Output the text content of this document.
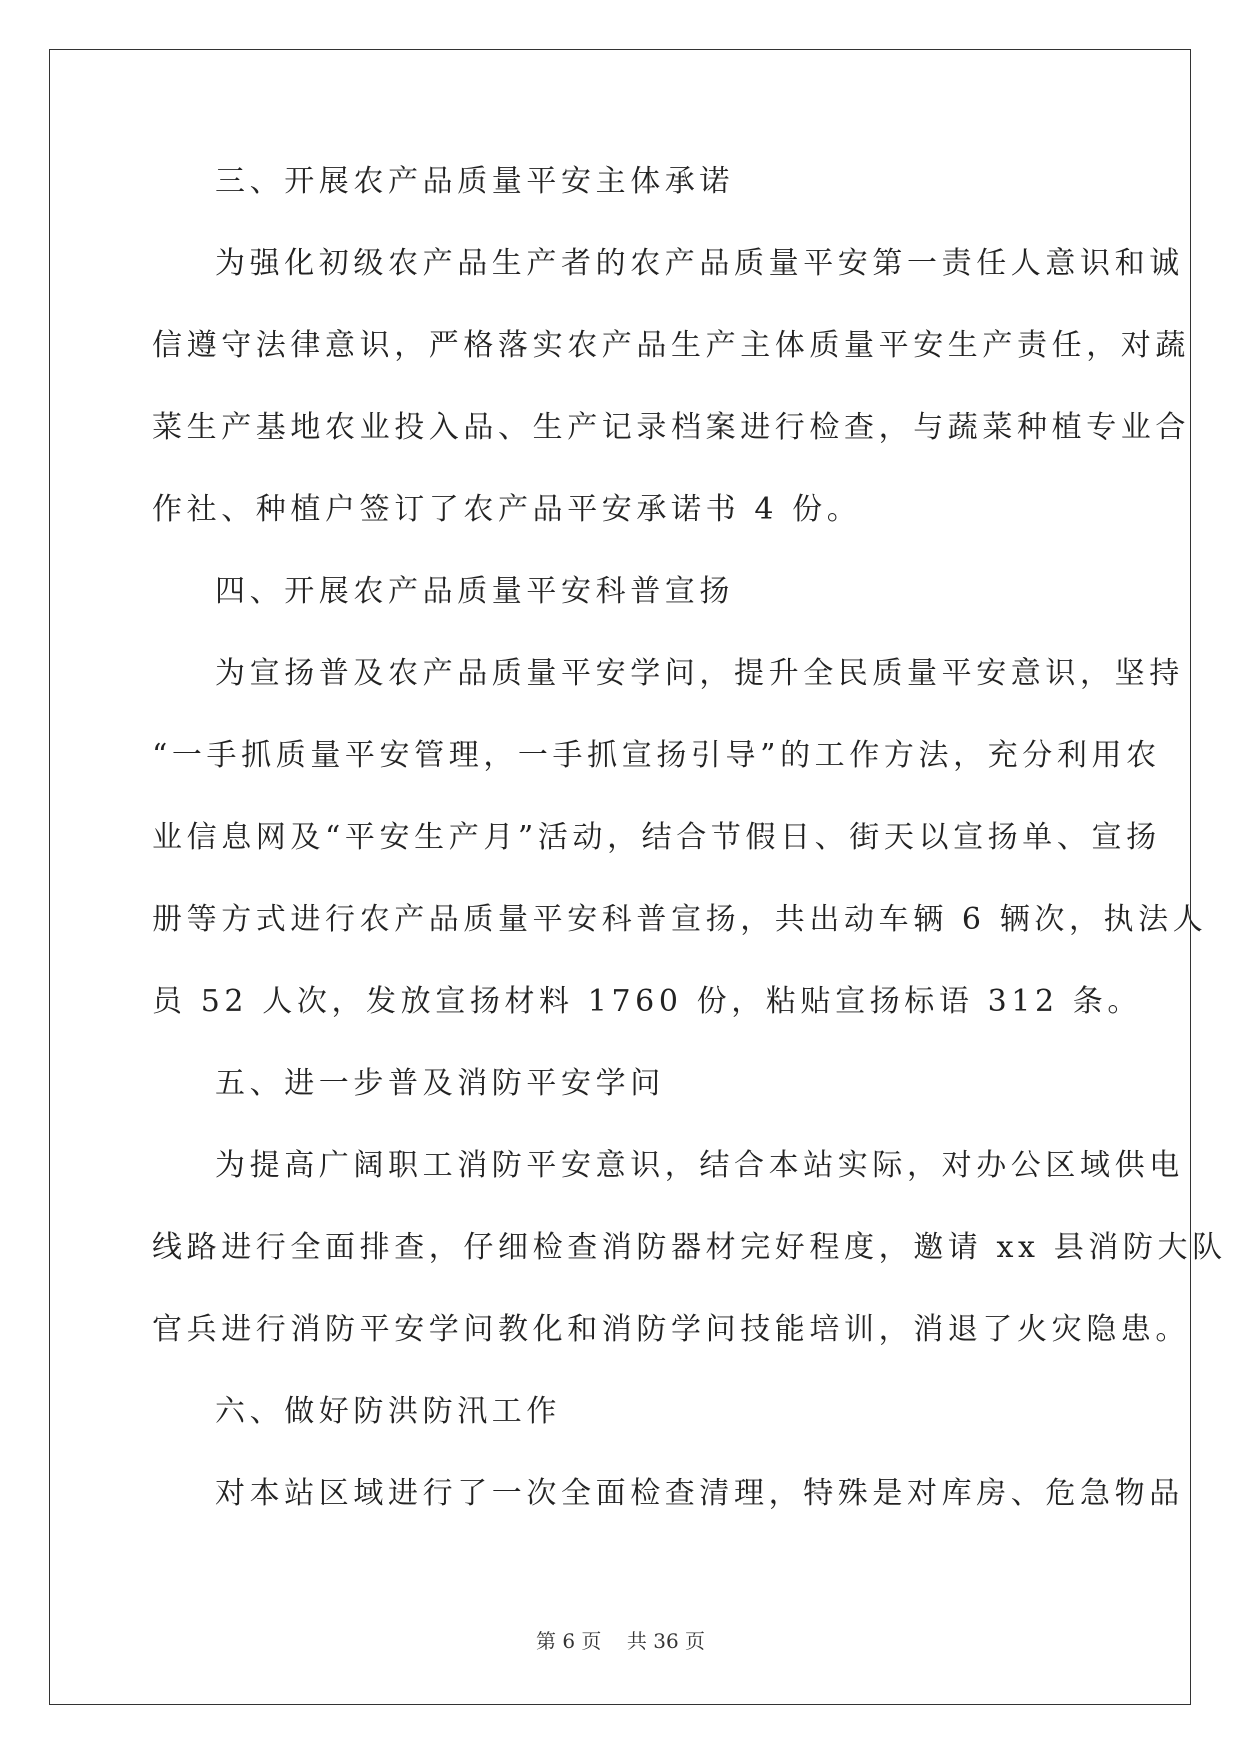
三、开展农产品质量平安主体承诺
为强化初级农产品生产者的农产品质量平安第一责任人意识和诚
信遵守法律意识，严格落实农产品生产主体质量平安生产责任，对蔬
菜生产基地农业投入品、生产记录档案进行检查，与蔬菜种植专业合
作社、种植户签订了农产品平安承诺书 4 份。
四、开展农产品质量平安科普宣扬
为宣扬普及农产品质量平安学问，提升全民质量平安意识，坚持
“一手抓质量平安管理，一手抓宣扬引导”的工作方法，充分利用农
业信息网及“平安生产月”活动，结合节假日、街天以宣扬单、宣扬
册等方式进行农产品质量平安科普宣扬，共出动车辆 6 辆次，执法人
员 52 人次，发放宣扬材料 1760 份，粘贴宣扬标语 312 条。
五、进一步普及消防平安学问
为提高广阔职工消防平安意识，结合本站实际，对办公区域供电
线路进行全面排查，仔细检查消防器材完好程度，邀请 xx 县消防大队
官兵进行消防平安学问教化和消防学问技能培训，消退了火灾隐患。
六、做好防洪防汛工作
对本站区域进行了一次全面检查清理，特殊是对库房、危急物品
第 6 页 共 36 页
